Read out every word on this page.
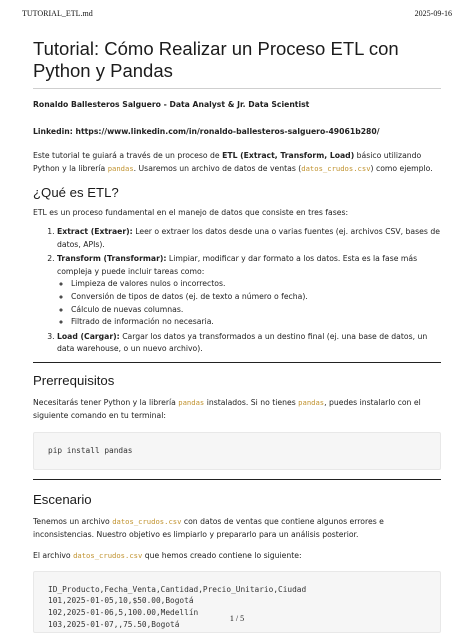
TUTORIAL_ETL.md	2025-09-16
Tutorial: Cómo Realizar un Proceso ETL con Python y Pandas

Ronaldo Ballesteros Salguero - Data Analyst & Jr. Data Scientist

Linkedin: https://www.linkedin.com/in/ronaldo-ballesteros-salguero-49061b280/

Este tutorial te guiará a través de un proceso de ETL (Extract, Transform, Load) básico utilizando Python y la librería pandas. Usaremos un archivo de datos de ventas (datos_crudos.csv) como ejemplo.

¿Qué es ETL?

ETL es un proceso fundamental en el manejo de datos que consiste en tres fases:

1. Extract (Extraer): Leer o extraer los datos desde una o varias fuentes (ej. archivos CSV, bases de datos, APIs).
2. Transform (Transformar): Limpiar, modificar y dar formato a los datos. Esta es la fase más compleja y puede incluir tareas como:
◦ Limpieza de valores nulos o incorrectos.
◦ Conversión de tipos de datos (ej. de texto a número o fecha).
◦ Cálculo de nuevas columnas.
◦ Filtrado de información no necesaria.
3. Load (Cargar): Cargar los datos ya transformados a un destino final (ej. una base de datos, un data warehouse, o un nuevo archivo).
Prerrequisitos

Necesitarás tener Python y la librería pandas instalados. Si no tienes pandas, puedes instalarlo con el siguiente comando en tu terminal:

pip install pandas
Escenario

Tenemos un archivo datos_crudos.csv con datos de ventas que contiene algunos errores e inconsistencias. Nuestro objetivo es limpiarlo y prepararlo para un análisis posterior.

El archivo datos_crudos.csv que hemos creado contiene lo siguiente:

ID_Producto,Fecha_Venta,Cantidad,Precio_Unitario,Ciudad
101,2025-01-05,10,$50.00,Bogotá
102,2025-01-06,5,100.00,Medellín
103,2025-01-07,,75.50,Bogotá
1 / 5
